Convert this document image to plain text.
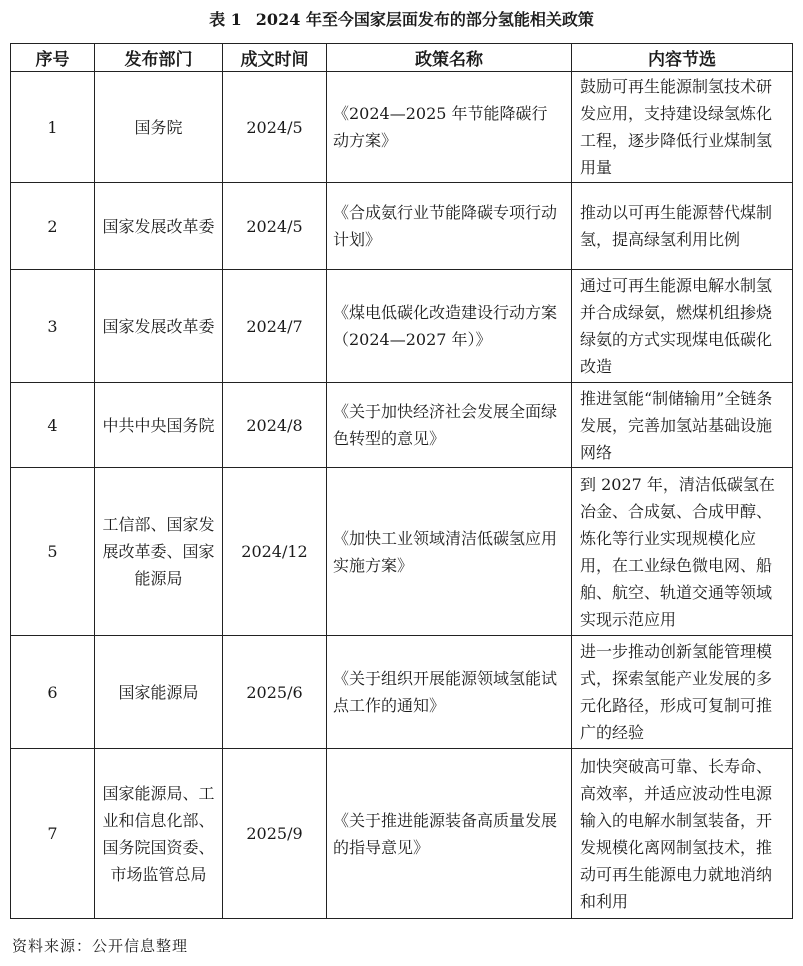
表 1 2024 年至今国家层面发布的部分氢能相关政策
序号	发布部门	成文时间	政策名称	内容节选
1	国务院	2024/5	《2024—2025 年节能降碳行动方案》	鼓励可再生能源制氢技术研发应用，支持建设绿氢炼化工程，逐步降低行业煤制氢用量
2	国家发展改革委	2024/5	《合成氨行业节能降碳专项行动计划》	推动以可再生能源替代煤制氢，提高绿氢利用比例
3	国家发展改革委	2024/7	《煤电低碳化改造建设行动方案（2024—2027 年）》	通过可再生能源电解水制氢并合成绿氨，燃煤机组掺烧绿氨的方式实现煤电低碳化改造
4	中共中央国务院	2024/8	《关于加快经济社会发展全面绿色转型的意见》	推进氢能“制储输用”全链条发展，完善加氢站基础设施网络
5	工信部、国家发展改革委、国家能源局	2024/12	《加快工业领域清洁低碳氢应用实施方案》	到 2027 年，清洁低碳氢在冶金、合成氨、合成甲醇、炼化等行业实现规模化应用，在工业绿色微电网、船舶、航空、轨道交通等领域实现示范应用
6	国家能源局	2025/6	《关于组织开展能源领域氢能试点工作的通知》	进一步推动创新氢能管理模式，探索氢能产业发展的多元化路径，形成可复制可推广的经验
7	国家能源局、工业和信息化部、国务院国资委、市场监管总局	2025/9	《关于推进能源装备高质量发展的指导意见》	加快突破高可靠、长寿命、高效率，并适应波动性电源输入的电解水制氢装备，开发规模化离网制氢技术，推动可再生能源电力就地消纳和利用
资料来源：公开信息整理
